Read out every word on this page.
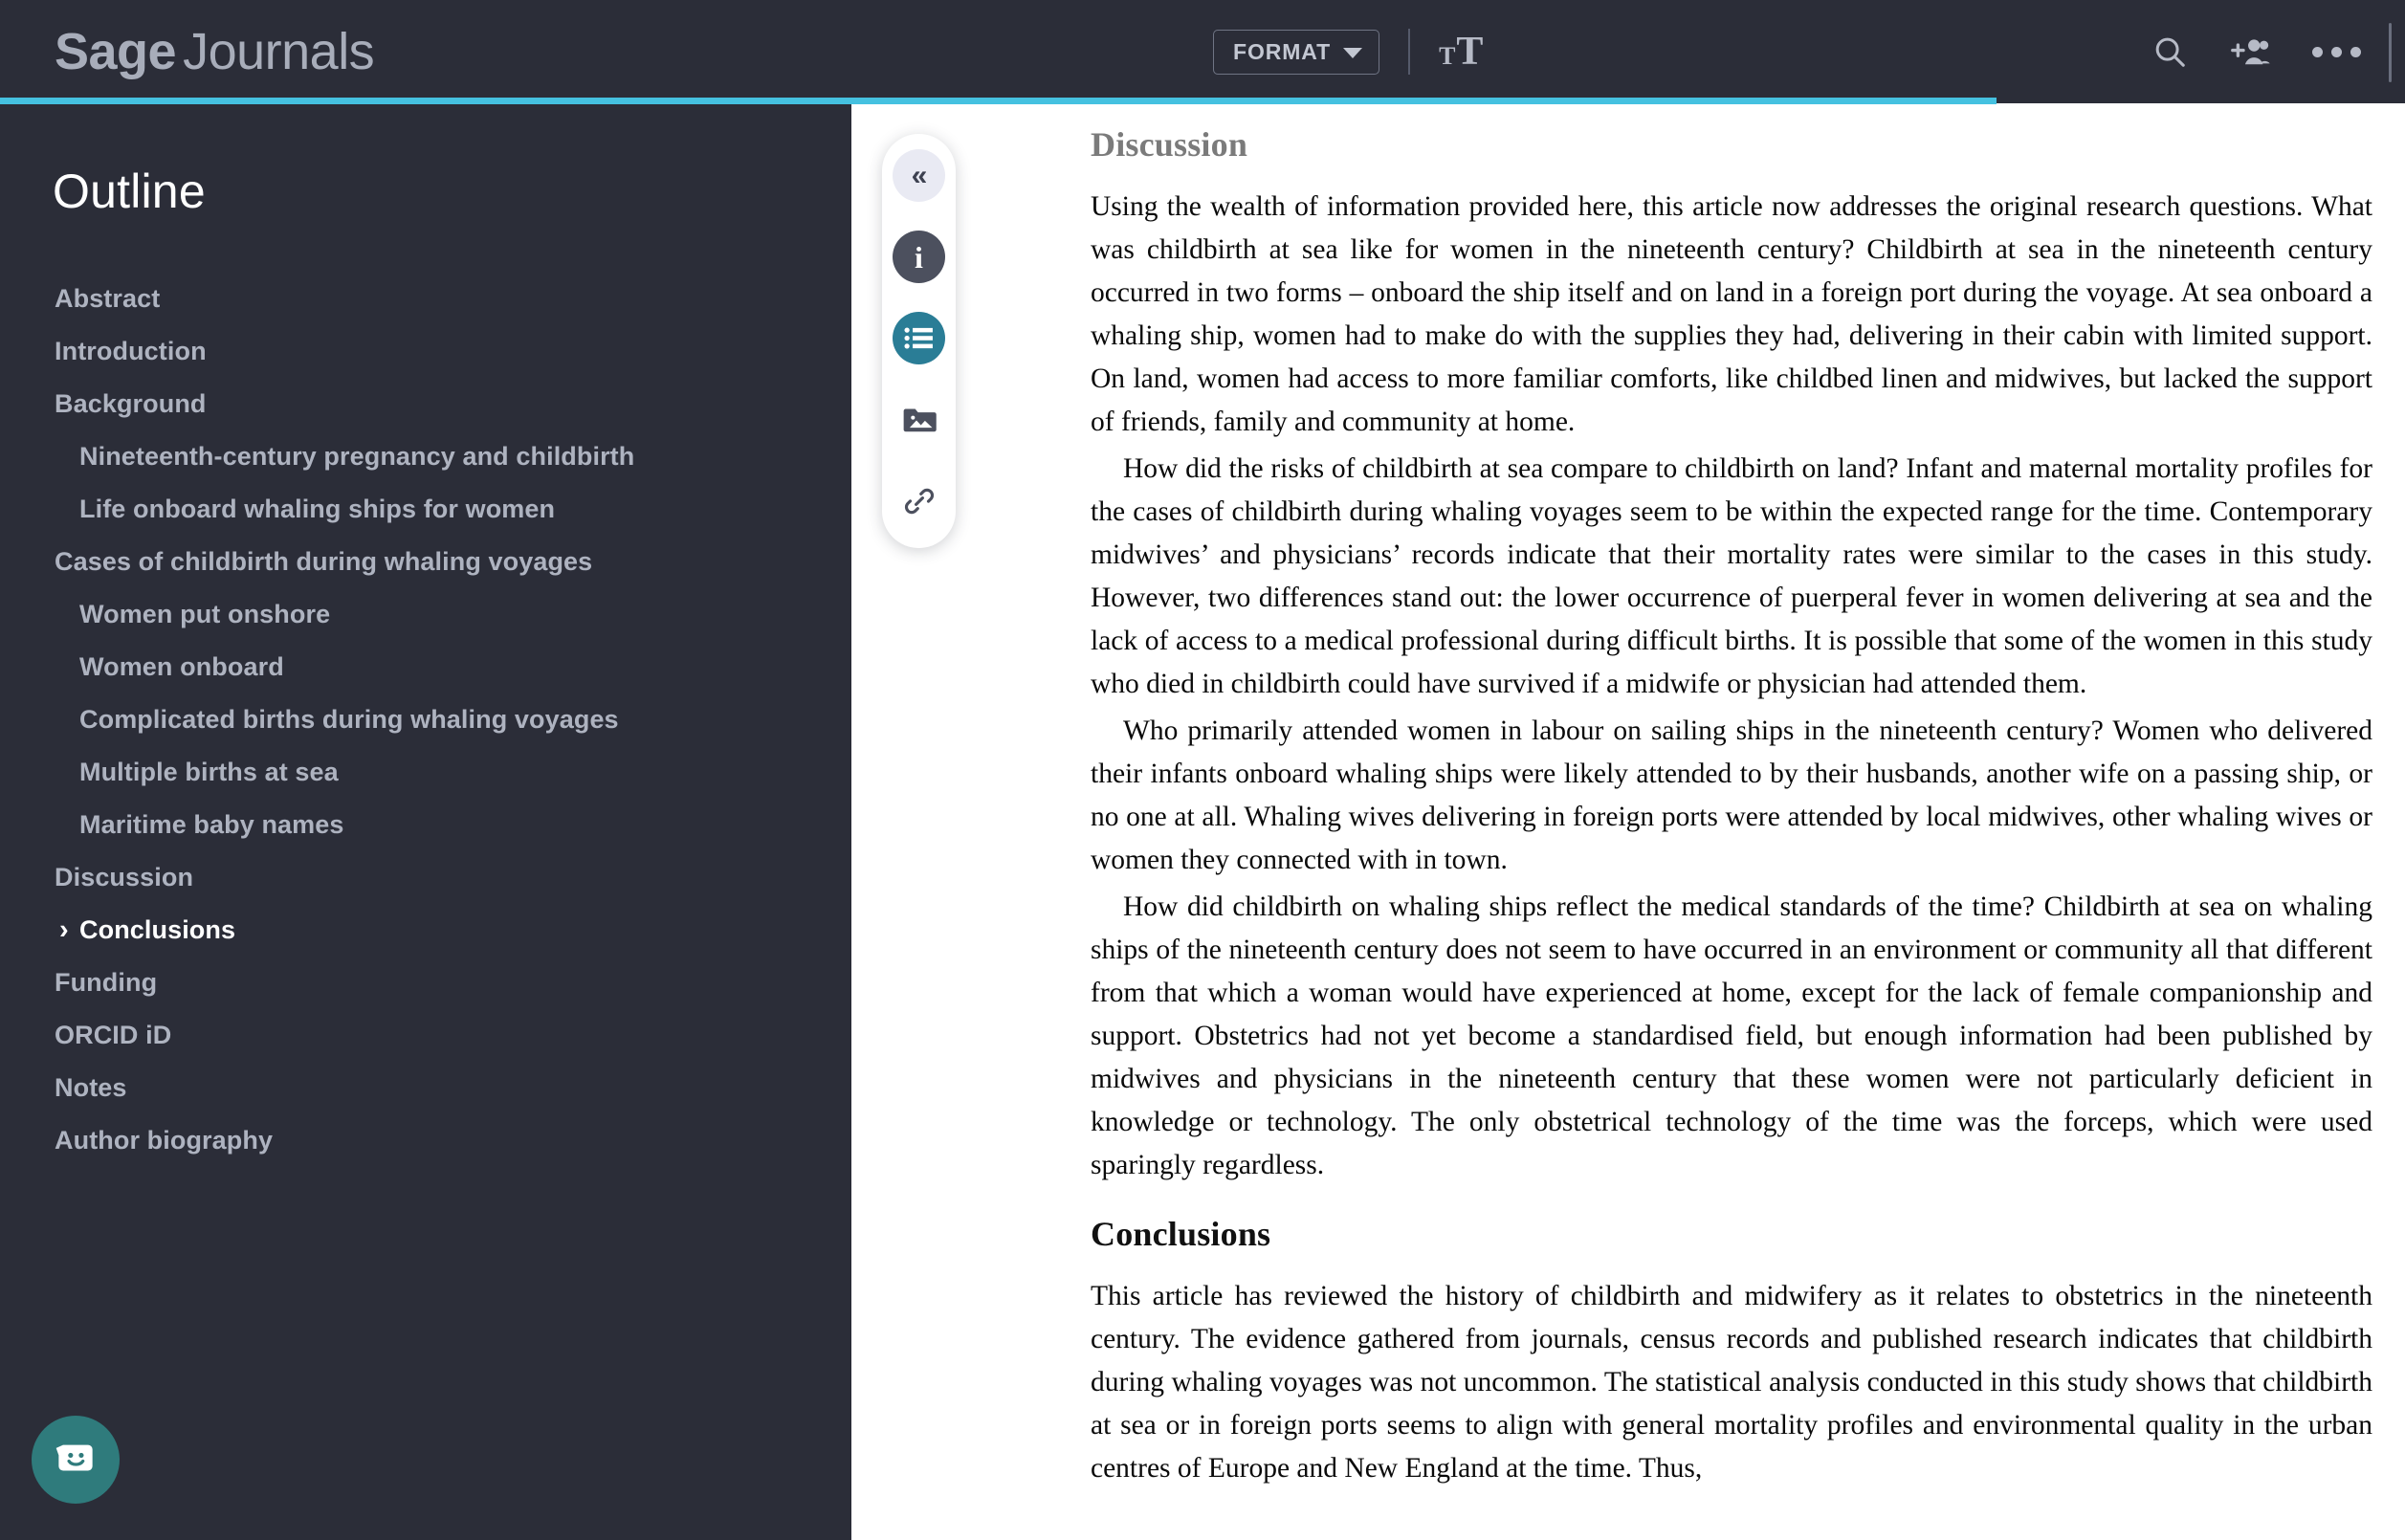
Sage Journals	FORMAT	T T
Outline
Abstract
Introduction
Background
Nineteenth-century pregnancy and childbirth
Life onboard whaling ships for women
Cases of childbirth during whaling voyages
Women put onshore
Women onboard
Complicated births during whaling voyages
Multiple births at sea
Maritime baby names
Discussion
› Conclusions
Funding
ORCID iD
Notes
Author biography
Discussion

Using the wealth of information provided here, this article now addresses the original research questions. What was childbirth at sea like for women in the nineteenth century? Childbirth at sea in the nineteenth century occurred in two forms – onboard the ship itself and on land in a foreign port during the voyage. At sea onboard a whaling ship, women had to make do with the supplies they had, delivering in their cabin with limited support. On land, women had access to more familiar comforts, like childbed linen and midwives, but lacked the support of friends, family and community at home.

How did the risks of childbirth at sea compare to childbirth on land? Infant and maternal mortality profiles for the cases of childbirth during whaling voyages seem to be within the expected range for the time. Contemporary midwives’ and physicians’ records indicate that their mortality rates were similar to the cases in this study. However, two differences stand out: the lower occurrence of puerperal fever in women delivering at sea and the lack of access to a medical professional during difficult births. It is possible that some of the women in this study who died in childbirth could have survived if a midwife or physician had attended them.

Who primarily attended women in labour on sailing ships in the nineteenth century? Women who delivered their infants onboard whaling ships were likely attended to by their husbands, another wife on a passing ship, or no one at all. Whaling wives delivering in foreign ports were attended by local midwives, other whaling wives or women they connected with in town.

How did childbirth on whaling ships reflect the medical standards of the time? Childbirth at sea on whaling ships of the nineteenth century does not seem to have occurred in an environment or community all that different from that which a woman would have experienced at home, except for the lack of female companionship and support. Obstetrics had not yet become a standardised field, but enough information had been published by midwives and physicians in the nineteenth century that these women were not particularly deficient in knowledge or technology. The only obstetrical technology of the time was the forceps, which were used sparingly regardless.

Conclusions

This article has reviewed the history of childbirth and midwifery as it relates to obstetrics in the nineteenth century. The evidence gathered from journals, census records and published research indicates that childbirth during whaling voyages was not uncommon. The statistical analysis conducted in this study shows that childbirth at sea or in foreign ports seems to align with general mortality profiles and environmental quality in the urban centres of Europe and New England at the time. Thus,

«
i
